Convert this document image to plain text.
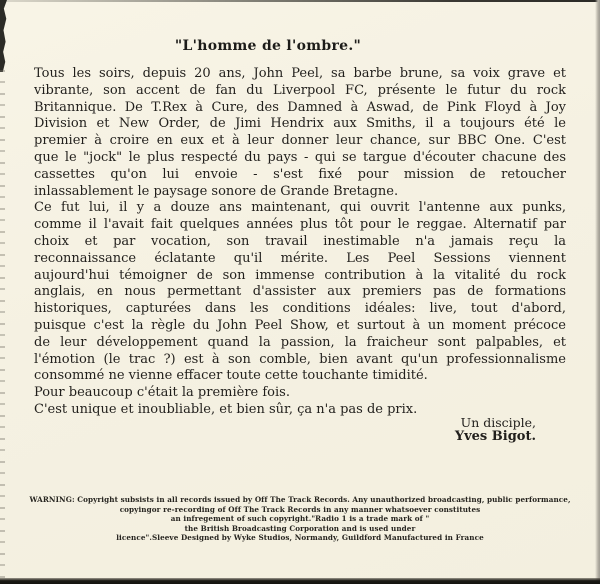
"L'homme de l'ombre."
Tous les soirs, depuis 20 ans, John Peel, sa barbe brune, sa voix grave et
vibrante, son accent de fan du Liverpool FC, présente le futur du rock
Britannique. De T.Rex à Cure, des Damned à Aswad, de Pink Floyd à Joy
Division et New Order, de Jimi Hendrix aux Smiths, il a toujours été le
premier à croire en eux et à leur donner leur chance, sur BBC One. C'est
que le "jock" le plus respecté du pays - qui se targue d'écouter chacune des
cassettes qu'on lui envoie - s'est fixé pour mission de retoucher
inlassablement le paysage sonore de Grande Bretagne.
Ce fut lui, il y a douze ans maintenant, qui ouvrit l'antenne aux punks,
comme il l'avait fait quelques années plus tôt pour le reggae. Alternatif par
choix et par vocation, son travail inestimable n'a jamais reçu la
reconnaissance éclatante qu'il mérite. Les Peel Sessions viennent
aujourd'hui témoigner de son immense contribution à la vitalité du rock
anglais, en nous permettant d'assister aux premiers pas de formations
historiques, capturées dans les conditions idéales: live, tout d'abord,
puisque c'est la règle du John Peel Show, et surtout à un moment précoce
de leur développement quand la passion, la fraicheur sont palpables, et
l'émotion (le trac ?) est à son comble, bien avant qu'un professionnalisme
consommé ne vienne effacer toute cette touchante timidité.
Pour beaucoup c'était la première fois.
C'est unique et inoubliable, et bien sûr, ça n'a pas de prix.
Un disciple,
Yves Bigot.
WARNING: Copyright subsists in all records issued by Off The Track Records. Any unauthorized broadcasting, public performance,
copyingor re-recording of Off The Track Records in any manner whatsoever constitutes
an infregement of such copyright."Radio 1 is a trade mark of "
the British Broadcasting Corporation and is used under
licence".Sleeve Designed by Wyke Studios, Normandy, Guildford Manufactured in France
